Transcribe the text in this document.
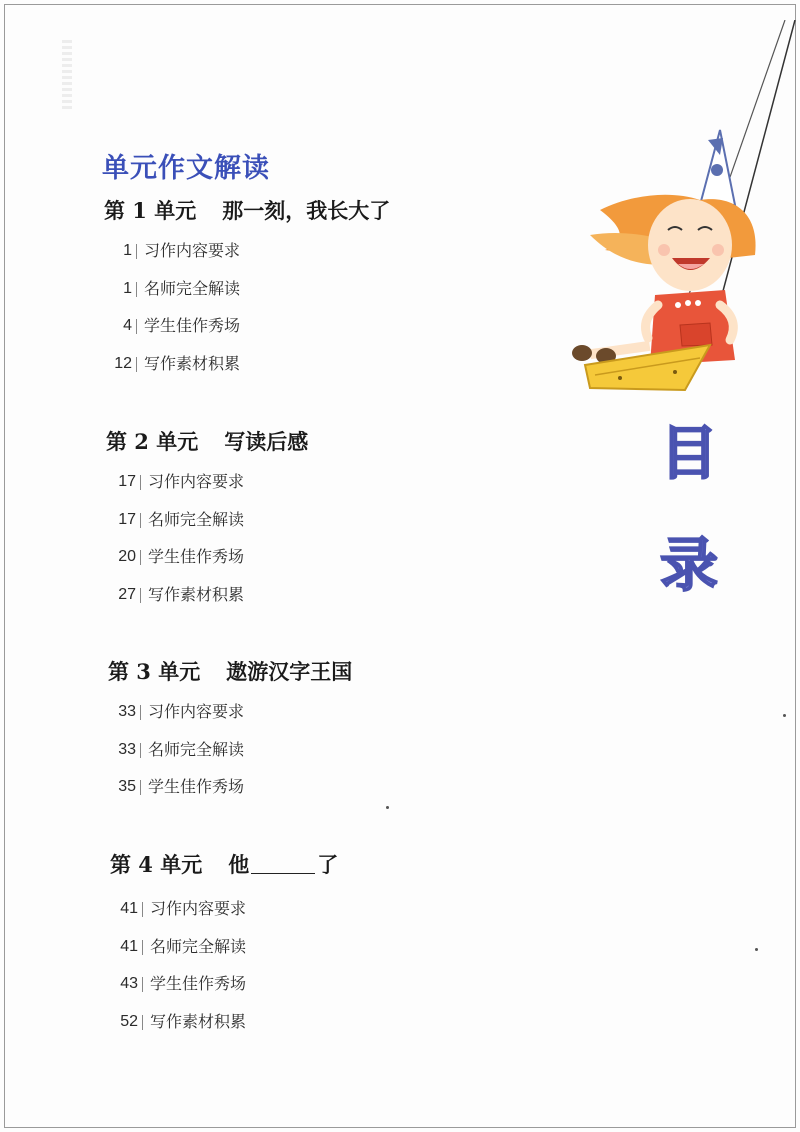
单元作文解读
第 1 单元 那一刻，我长大了
1 习作内容要求
1 名师完全解读
4 学生佳作秀场
12 写作素材积累
第 2 单元 写读后感
17 习作内容要求
17 名师完全解读
20 学生佳作秀场
27 写作素材积累
第 3 单元 遨游汉字王国
33 习作内容要求
33 名师完全解读
35 学生佳作秀场
第 4 单元 他	了
41 习作内容要求
41 名师完全解读
43 学生佳作秀场
52 写作素材积累
目
录
